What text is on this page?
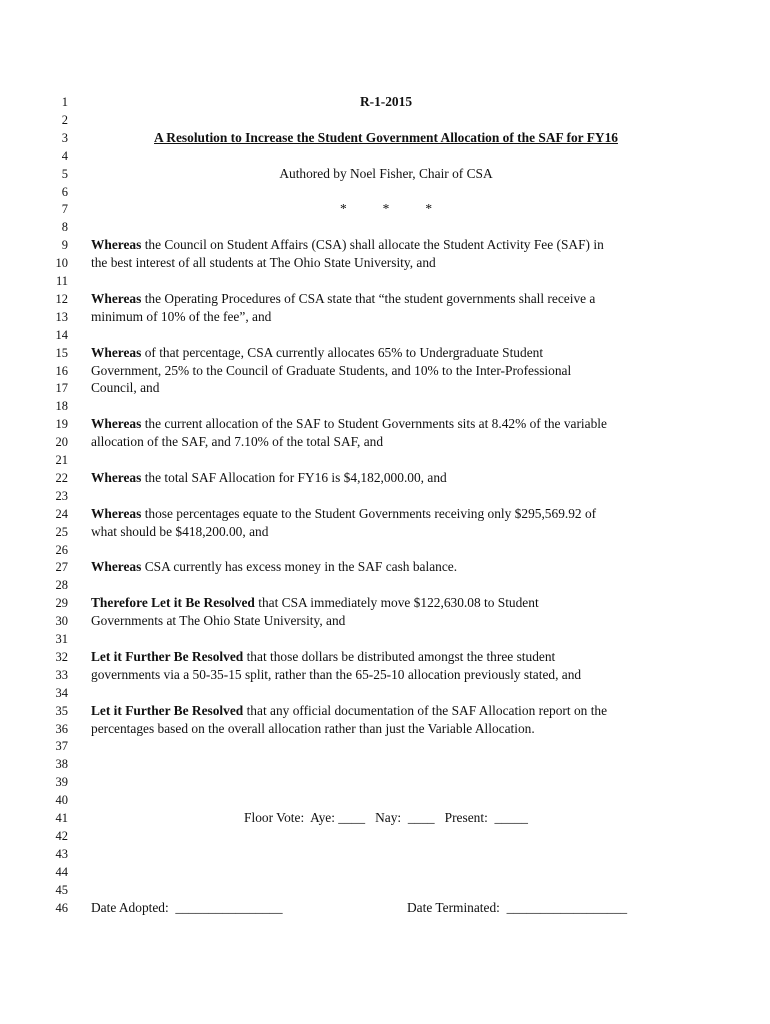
1	R-1-2015
2
3	A Resolution to Increase the Student Government Allocation of the SAF for FY16
4
5	Authored by Noel Fisher, Chair of CSA
6
7	*	*	*
8
9 Whereas the Council on Student Affairs (CSA) shall allocate the Student Activity Fee (SAF) in
10 the best interest of all students at The Ohio State University, and
11
12 Whereas the Operating Procedures of CSA state that “the student governments shall receive a
13 minimum of 10% of the fee”, and
14
15 Whereas of that percentage, CSA currently allocates 65% to Undergraduate Student
16 Government, 25% to the Council of Graduate Students, and 10% to the Inter-Professional
17 Council, and
18
19 Whereas the current allocation of the SAF to Student Governments sits at 8.42% of the variable
20 allocation of the SAF, and 7.10% of the total SAF, and
21
22 Whereas the total SAF Allocation for FY16 is $4,182,000.00, and
23
24 Whereas those percentages equate to the Student Governments receiving only $295,569.92 of
25 what should be $418,200.00, and
26
27 Whereas CSA currently has excess money in the SAF cash balance.
28
29 Therefore Let it Be Resolved that CSA immediately move $122,630.08 to Student
30 Governments at The Ohio State University, and
31
32 Let it Further Be Resolved that those dollars be distributed amongst the three student
33 governments via a 50-35-15 split, rather than the 65-25-10 allocation previously stated, and
34
35 Let it Further Be Resolved that any official documentation of the SAF Allocation report on the
36 percentages based on the overall allocation rather than just the Variable Allocation.
37
38
39
40
41	Floor Vote:  Aye: ____   Nay:  ____   Present:  _____
42
43
44
45
46 Date Adopted:  ________________	Date Terminated:  __________________
